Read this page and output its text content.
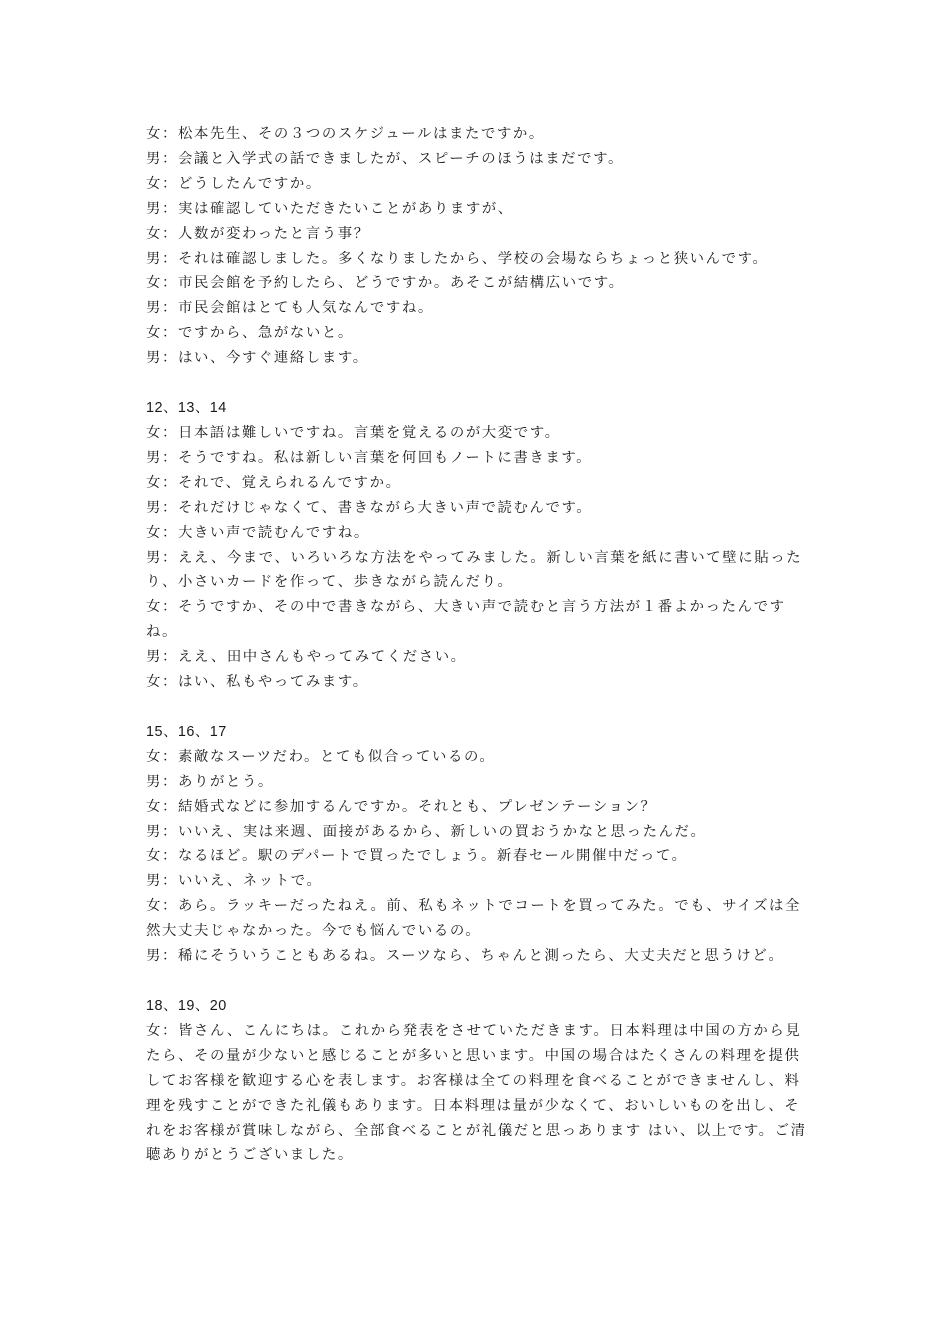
女：松本先生、その３つのスケジュールはまたですか。
男：会議と入学式の話できましたが、スピーチのほうはまだです。
女：どうしたんですか。
男：実は確認していただきたいことがありますが、
女：人数が変わったと言う事？
男：それは確認しました。多くなりましたから、学校の会場ならちょっと狭いんです。
女：市民会館を予約したら、どうですか。あそこが結構広いです。
男：市民会館はとても人気なんですね。
女：ですから、急がないと。
男：はい、今すぐ連絡します。
12、13、14
女：日本語は難しいですね。言葉を覚えるのが大変です。
男：そうですね。私は新しい言葉を何回もノートに書きます。
女：それで、覚えられるんですか。
男：それだけじゃなくて、書きながら大きい声で読むんです。
女：大きい声で読むんですね。
男：ええ、今まで、いろいろな方法をやってみました。新しい言葉を紙に書いて壁に貼ったり、小さいカードを作って、歩きながら読んだり。
女：そうですか、その中で書きながら、大きい声で読むと言う方法が１番よかったんですね。
男：ええ、田中さんもやってみてください。
女：はい、私もやってみます。
15、16、17
女：素敵なスーツだわ。とても似合っているの。
男：ありがとう。
女：結婚式などに参加するんですか。それとも、プレゼンテーション？
男：いいえ、実は来週、面接があるから、新しいの買おうかなと思ったんだ。
女：なるほど。駅のデパートで買ったでしょう。新春セール開催中だって。
男：いいえ、ネットで。
女：あら。ラッキーだったねえ。前、私もネットでコートを買ってみた。でも、サイズは全然大丈夫じゃなかった。今でも悩んでいるの。
男：稀にそういうこともあるね。スーツなら、ちゃんと測ったら、大丈夫だと思うけど。
18、19、20
女：皆さん、こんにちは。これから発表をさせていただきます。日本料理は中国の方から見たら、その量が少ないと感じることが多いと思います。中国の場合はたくさんの料理を提供してお客様を歓迎する心を表します。お客様は全ての料理を食べることができませんし、料理を残すことができた礼儀もあります。日本料理は量が少なくて、おいしいものを出し、それをお客様が賞味しながら、全部食べることが礼儀だと思っあります はい、以上です。ご清聴ありがとうございました。
